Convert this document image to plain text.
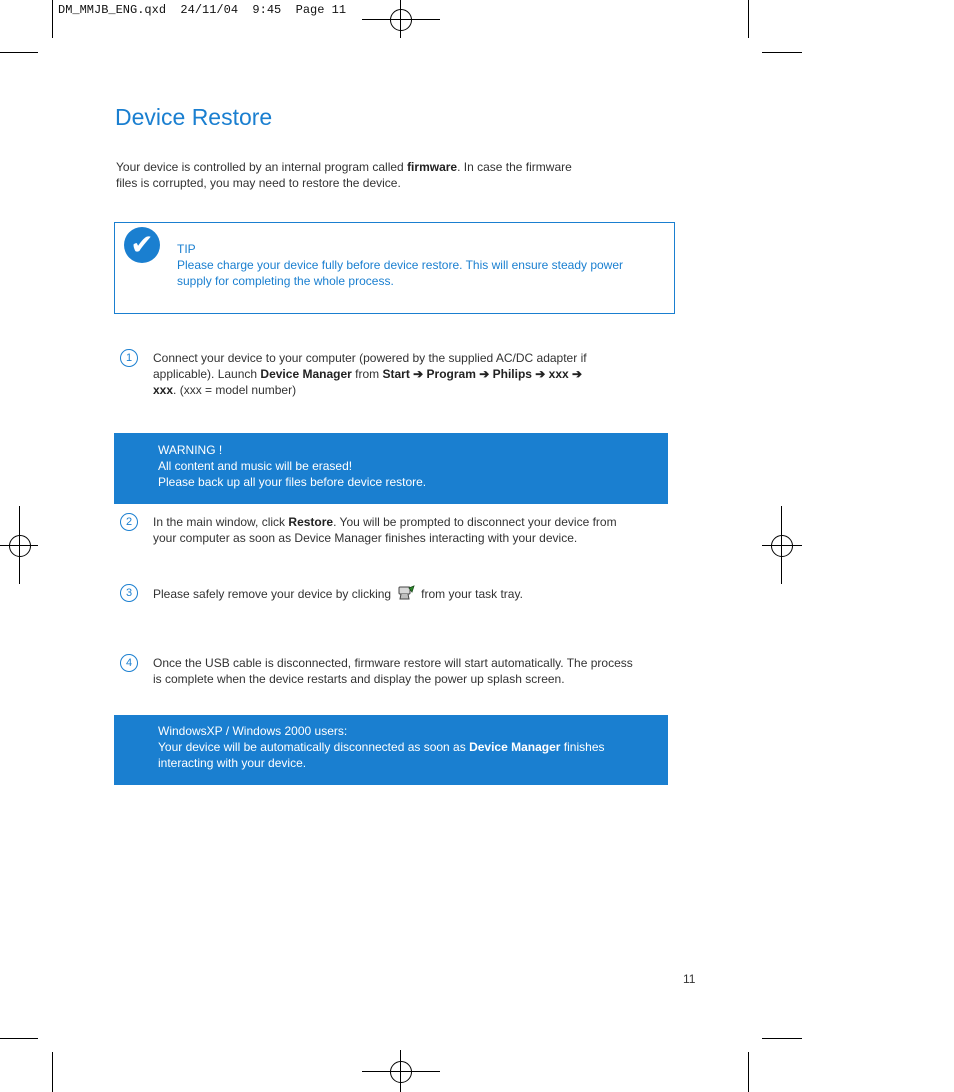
DM_MMJB_ENG.qxd  24/11/04  9:45  Page 11
Device Restore
Your device is controlled by an internal program called firmware. In case the firmware
files is corrupted, you may need to restore the device.
✔	TIP
Please charge your device fully before device restore. This will ensure steady power
supply for completing the whole process.
1	Connect your device to your computer (powered by the supplied AC/DC adapter if
applicable). Launch Device Manager from Start ➔ Program ➔ Philips ➔ xxx ➔
xxx. (xxx = model number)
WARNING !
All content and music will be erased!
Please back up all your files before device restore.
2	In the main window, click Restore. You will be prompted to disconnect your device from
your computer as soon as Device Manager finishes interacting with your device.
3	Please safely remove your device by clicking	from your task tray.
4	Once the USB cable is disconnected, firmware restore will start automatically. The process
is complete when the device restarts and display the power up splash screen.
WindowsXP / Windows 2000 users:
Your device will be automatically disconnected as soon as Device Manager finishes
interacting with your device.
11
